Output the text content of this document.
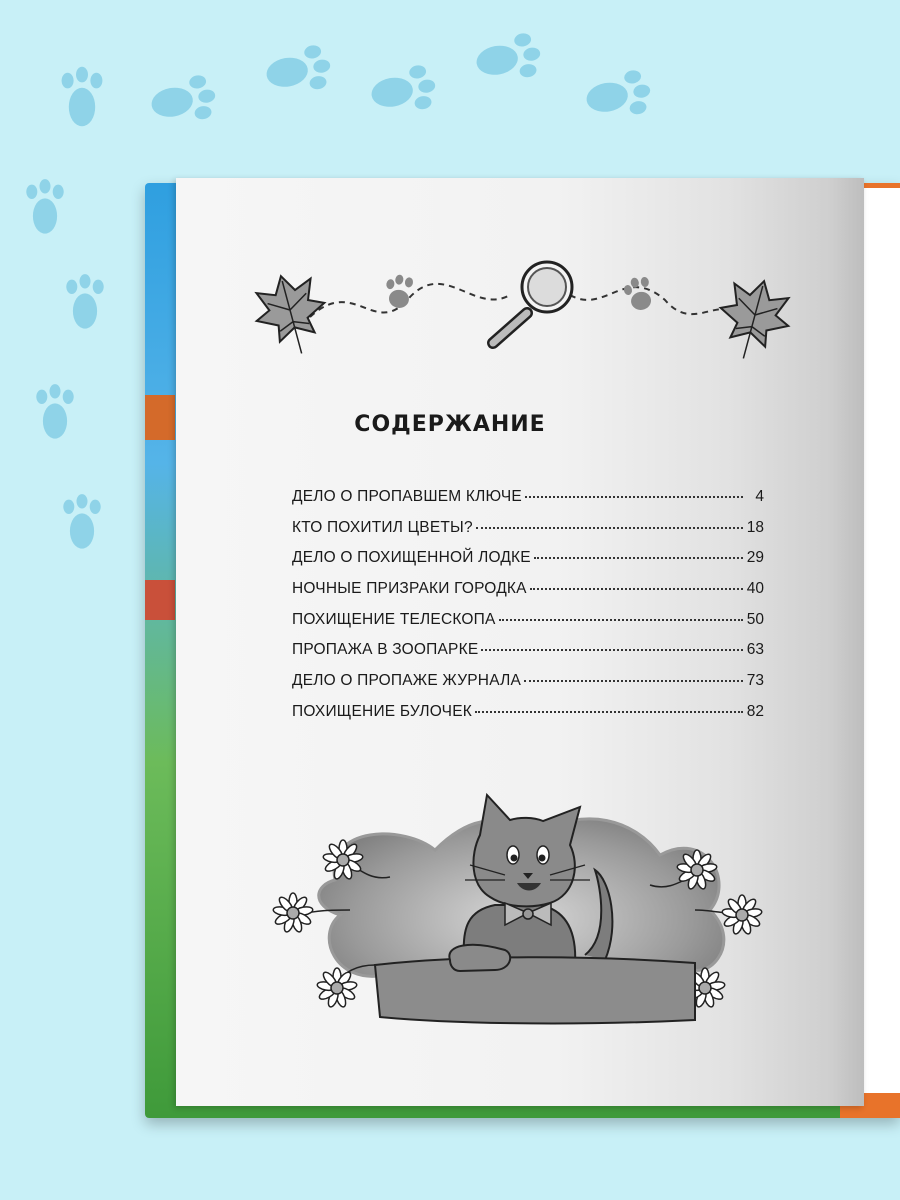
СОДЕРЖАНИЕ
ДЕЛО О ПРОПАВШЕМ КЛЮЧЕ	4
КТО ПОХИТИЛ ЦВЕТЫ?	18
ДЕЛО О ПОХИЩЕННОЙ ЛОДКЕ	29
НОЧНЫЕ ПРИЗРАКИ ГОРОДКА	40
ПОХИЩЕНИЕ ТЕЛЕСКОПА	50
ПРОПАЖА В ЗООПАРКЕ	63
ДЕЛО О ПРОПАЖЕ ЖУРНАЛА	73
ПОХИЩЕНИЕ БУЛОЧЕК	82
